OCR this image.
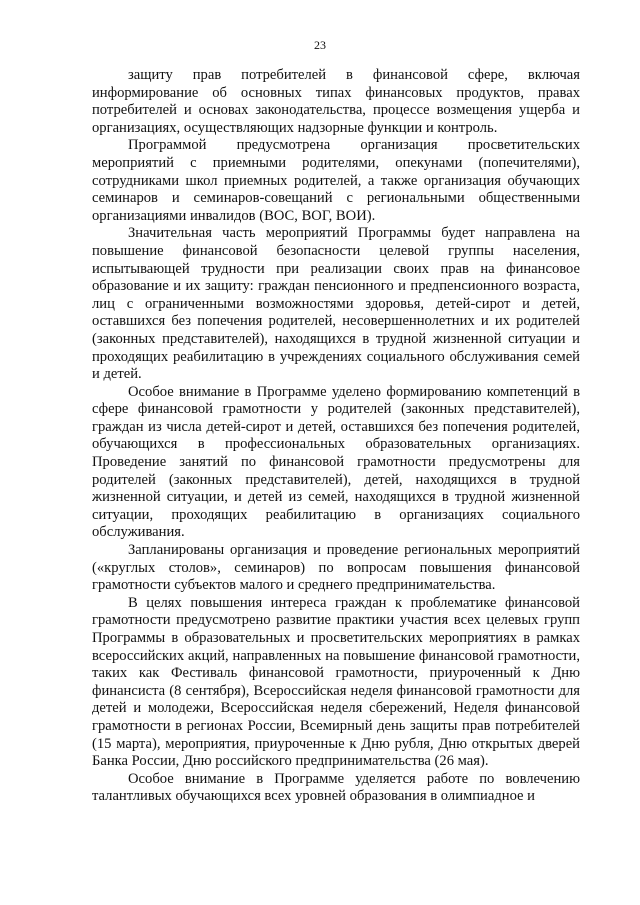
23

защиту прав потребителей в финансовой сфере, включая информирование об основных типах финансовых продуктов, правах потребителей и основах законодательства, процессе возмещения ущерба и организациях, осуществляющих надзорные функции и контроль.

Программой предусмотрена организация просветительских мероприятий с приемными родителями, опекунами (попечителями), сотрудниками школ приемных родителей, а также организация обучающих семинаров и семинаров-совещаний с региональными общественными организациями инвалидов (ВОС, ВОГ, ВОИ).

Значительная часть мероприятий Программы будет направлена на повышение финансовой безопасности целевой группы населения, испытывающей трудности при реализации своих прав на финансовое образование и их защиту: граждан пенсионного и предпенсионного возраста, лиц с ограниченными возможностями здоровья, детей-сирот и детей, оставшихся без попечения родителей, несовершеннолетних и их родителей (законных представителей), находящихся в трудной жизненной ситуации и проходящих реабилитацию в учреждениях социального обслуживания семей и детей.

Особое внимание в Программе уделено формированию компетенций в сфере финансовой грамотности у родителей (законных представителей), граждан из числа детей-сирот и детей, оставшихся без попечения родителей, обучающихся в профессиональных образовательных организациях. Проведение занятий по финансовой грамотности предусмотрены для родителей (законных представителей), детей, находящихся в трудной жизненной ситуации, и детей из семей, находящихся в трудной жизненной ситуации, проходящих реабилитацию в организациях социального обслуживания.

Запланированы организация и проведение региональных мероприятий («круглых столов», семинаров) по вопросам повышения финансовой грамотности субъектов малого и среднего предпринимательства.

В целях повышения интереса граждан к проблематике финансовой грамотности предусмотрено развитие практики участия всех целевых групп Программы в образовательных и просветительских мероприятиях в рамках всероссийских акций, направленных на повышение финансовой грамотности, таких как Фестиваль финансовой грамотности, приуроченный к Дню финансиста (8 сентября), Всероссийская неделя финансовой грамотности для детей и молодежи, Всероссийская неделя сбережений, Неделя финансовой грамотности в регионах России, Всемирный день защиты прав потребителей (15 марта), мероприятия, приуроченные к Дню рубля, Дню открытых дверей Банка России, Дню российского предпринимательства (26 мая).

Особое внимание в Программе уделяется работе по вовлечению талантливых обучающихся всех уровней образования в олимпиадное и
